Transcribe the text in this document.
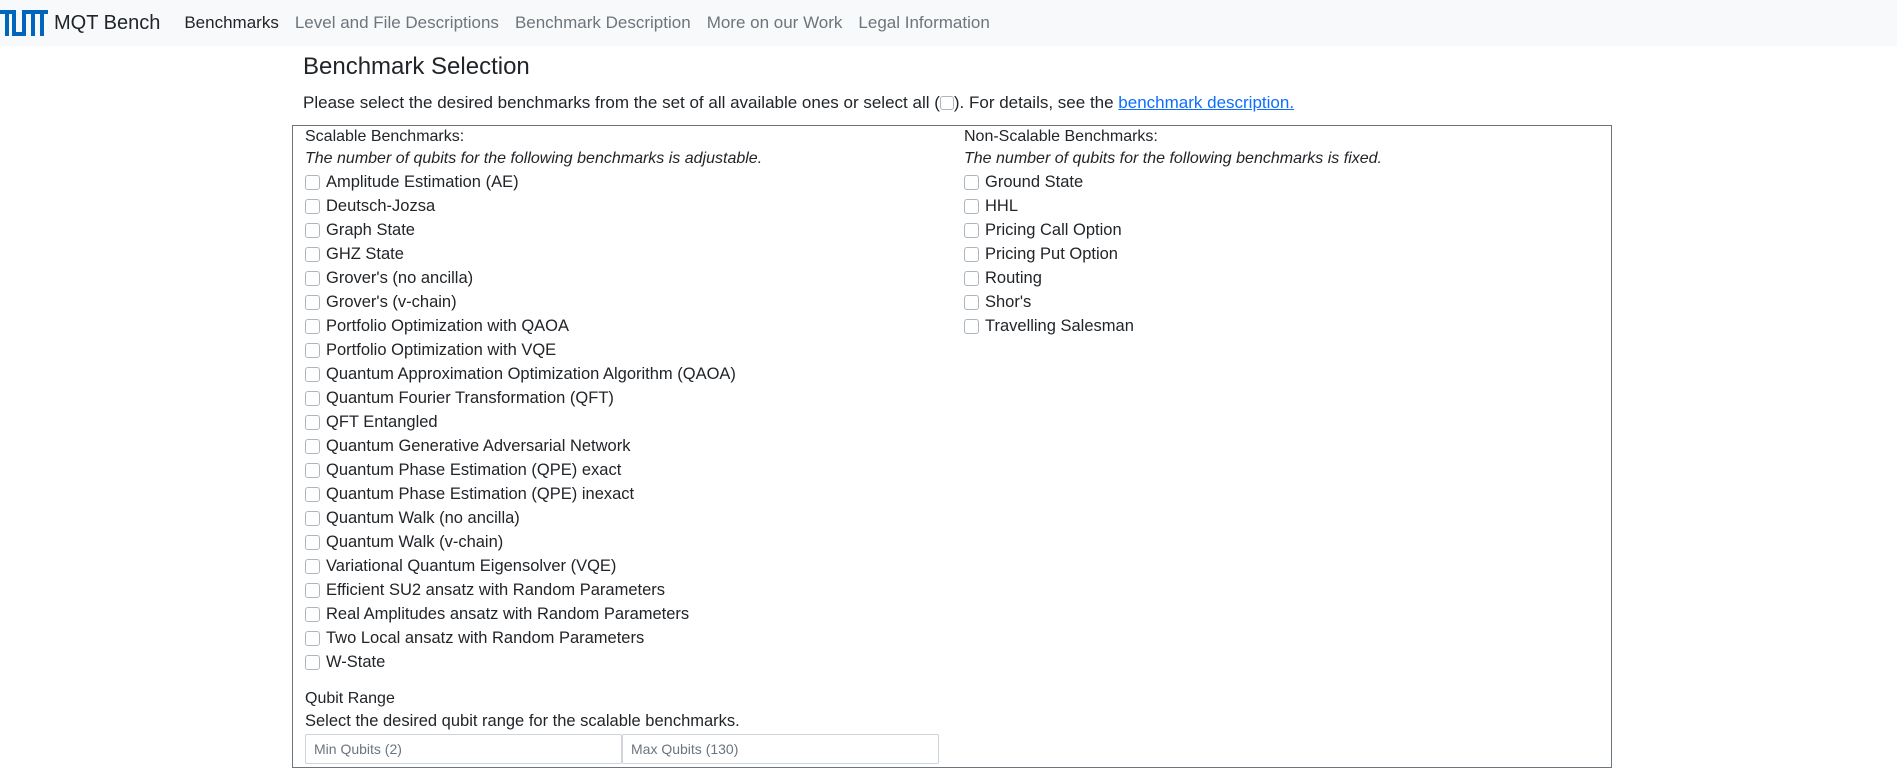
MQT Bench Benchmarks Level and File Descriptions Benchmark Description More on our Work Legal Information
Benchmark Selection
Please select the desired benchmarks from the set of all available ones or select all ( ). For details, see the benchmark description.
Scalable Benchmarks:
The number of qubits for the following benchmarks is adjustable.
Amplitude Estimation (AE)
Deutsch-Jozsa
Graph State
GHZ State
Grover's (no ancilla)
Grover's (v-chain)
Portfolio Optimization with QAOA
Portfolio Optimization with VQE
Quantum Approximation Optimization Algorithm (QAOA)
Quantum Fourier Transformation (QFT)
QFT Entangled
Quantum Generative Adversarial Network
Quantum Phase Estimation (QPE) exact
Quantum Phase Estimation (QPE) inexact
Quantum Walk (no ancilla)
Quantum Walk (v-chain)
Variational Quantum Eigensolver (VQE)
Efficient SU2 ansatz with Random Parameters
Real Amplitudes ansatz with Random Parameters
Two Local ansatz with Random Parameters
W-State
Qubit Range
Select the desired qubit range for the scalable benchmarks.
Min Qubits (2)
Max Qubits (130)
Non-Scalable Benchmarks:
The number of qubits for the following benchmarks is fixed.
Ground State
HHL
Pricing Call Option
Pricing Put Option
Routing
Shor's
Travelling Salesman
